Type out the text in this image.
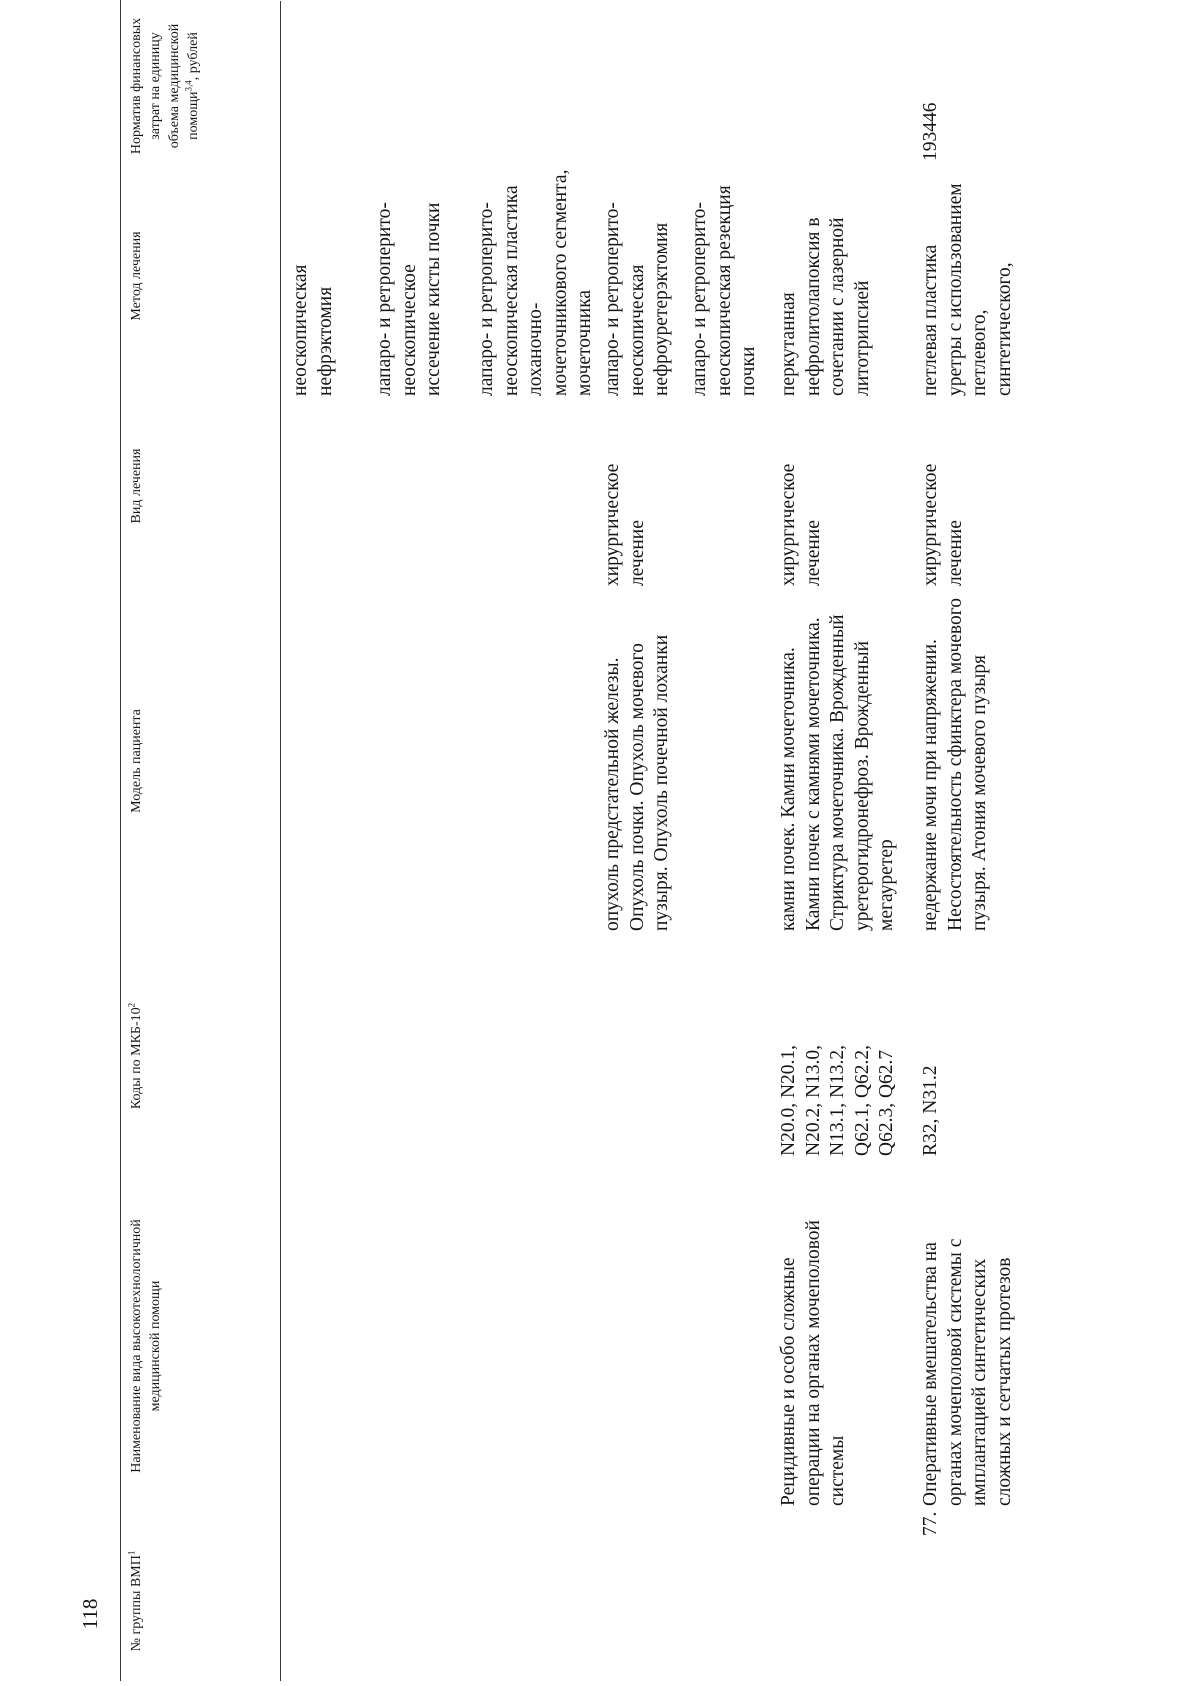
118 № группы ВМП$^1$
Наименование вида высокотехнологичной медицинской помощи
Коды по МКБ-$10^2$
Модель пациента
Вид лечения
Метод лечения
Норматив финансовых затрат на единицу объема медицинской помощи$^{3,4}$, рублей
неоскопическая нефрэктомия лапаро- и ретроперито-неоскопическое иссечение кисты почки лапаро- и ретроперито-неоскопическая пластика лоханочно-мочеточникового сегмента, мочеточника
опухоль предстательной железы. Опухоль почки. Опухоль мочевого пузыря. Опухоль почечной лоханки
хирургическое лечение
лапаро- и ретроперито-неоскопическая нефроуретерэктомия лапаро- и ретроперито-неоскопическая резекция почки
Рецидивные и особо сложные операции на органах мочеполовой системы
N20.0, N20.1, N20.2, N13.0, N13.1, N13.2, Q62.1, Q62.2, Q62.3, Q62.7
камни почек. Камни мочеточника. Камни почек с камнями мочеточника. Стриктура мочеточника. Врожденный уретерогидронефроз. Врожденный мегауретер
хирургическое лечение
перкутанная нефролитолапоксия в сочетании с лазерной литотрипсией
77.
Оперативные вмешательства на органах мочеполовой системы с имплантацией синтетических сложных и сетчатых протезов
R32, N31.2
недержание мочи при напряжении. Несостоятельность сфинктера мочевого пузыря. Атония мочевого пузыря
хирургическое лечение
петлевая пластика уретры с использованием петлевого, синтетического,
193446
